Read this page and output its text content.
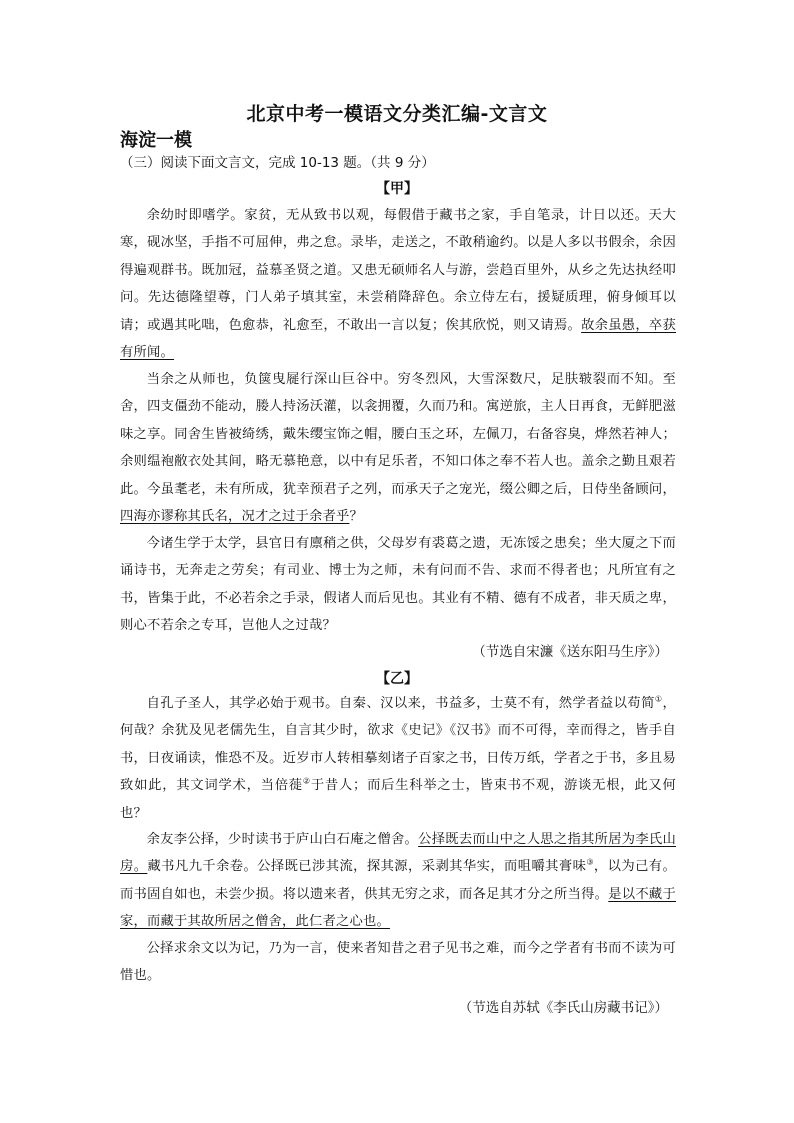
北京中考一模语文分类汇编-文言文
海淀一模
（三）阅读下面文言文，完成 10-13 题。（共 9 分）
【甲】
余幼时即嗜学。家贫，无从致书以观，每假借于藏书之家，手自笔录，计日以还。天大寒，砚冰坚，手指不可屈伸，弗之怠。录毕，走送之，不敢稍逾约。以是人多以书假余，余因得遍观群书。既加冠，益慕圣贤之道。又患无硕师名人与游，尝趋百里外，从乡之先达执经叩问。先达德隆望尊，门人弟子填其室，未尝稍降辞色。余立侍左右，援疑质理，俯身倾耳以请；或遇其叱咄，色愈恭，礼愈至，不敢出一言以复；俟其欣悦，则又请焉。故余虽愚，卒获有所闻。
当余之从师也，负箧曳屣行深山巨谷中。穷冬烈风，大雪深数尺，足肤皲裂而不知。至舍，四支僵劲不能动，媵人持汤沃灌，以衾拥覆，久而乃和。寓逆旅，主人日再食，无鲜肥滋味之享。同舍生皆被绮绣，戴朱缨宝饰之帽，腰白玉之环，左佩刀，右备容臭，烨然若神人；余则缊袍敝衣处其间，略无慕艳意，以中有足乐者，不知口体之奉不若人也。盖余之勤且艰若此。今虽耄老，未有所成，犹幸预君子之列，而承天子之宠光，缀公卿之后，日侍坐备顾问，四海亦谬称其氏名，况才之过于余者乎？
今诸生学于太学，县官日有廪稍之供，父母岁有裘葛之遗，无冻馁之患矣；坐大厦之下而诵诗书，无奔走之劳矣；有司业、博士为之师，未有问而不告、求而不得者也；凡所宜有之书，皆集于此，不必若余之手录，假诸人而后见也。其业有不精、德有不成者，非天质之卑，则心不若余之专耳，岂他人之过哉？
（节选自宋濂《送东阳马生序》）
【乙】
自孔子圣人，其学必始于观书。自秦、汉以来，书益多，士莫不有，然学者益以苟简①，何哉？余犹及见老儒先生，自言其少时，欲求《史记》《汉书》而不可得，幸而得之，皆手自书，日夜诵读，惟恐不及。近岁市人转相摹刻诸子百家之书，日传万纸，学者之于书，多且易致如此，其文词学术，当倍蓰②于昔人；而后生科举之士，皆束书不观，游谈无根，此又何也？
余友李公择，少时读书于庐山白石庵之僧舍。公择既去而山中之人思之指其所居为李氏山房。藏书凡九千余卷。公择既已涉其流，探其源，采剥其华实，而咀嚼其膏味③，以为己有。而书固自如也，未尝少损。将以遗来者，供其无穷之求，而各足其才分之所当得。是以不藏于家，而藏于其故所居之僧舍，此仁者之心也。
公择求余文以为记，乃为一言，使来者知昔之君子见书之难，而今之学者有书而不读为可惜也。
（节选自苏轼《李氏山房藏书记》）
